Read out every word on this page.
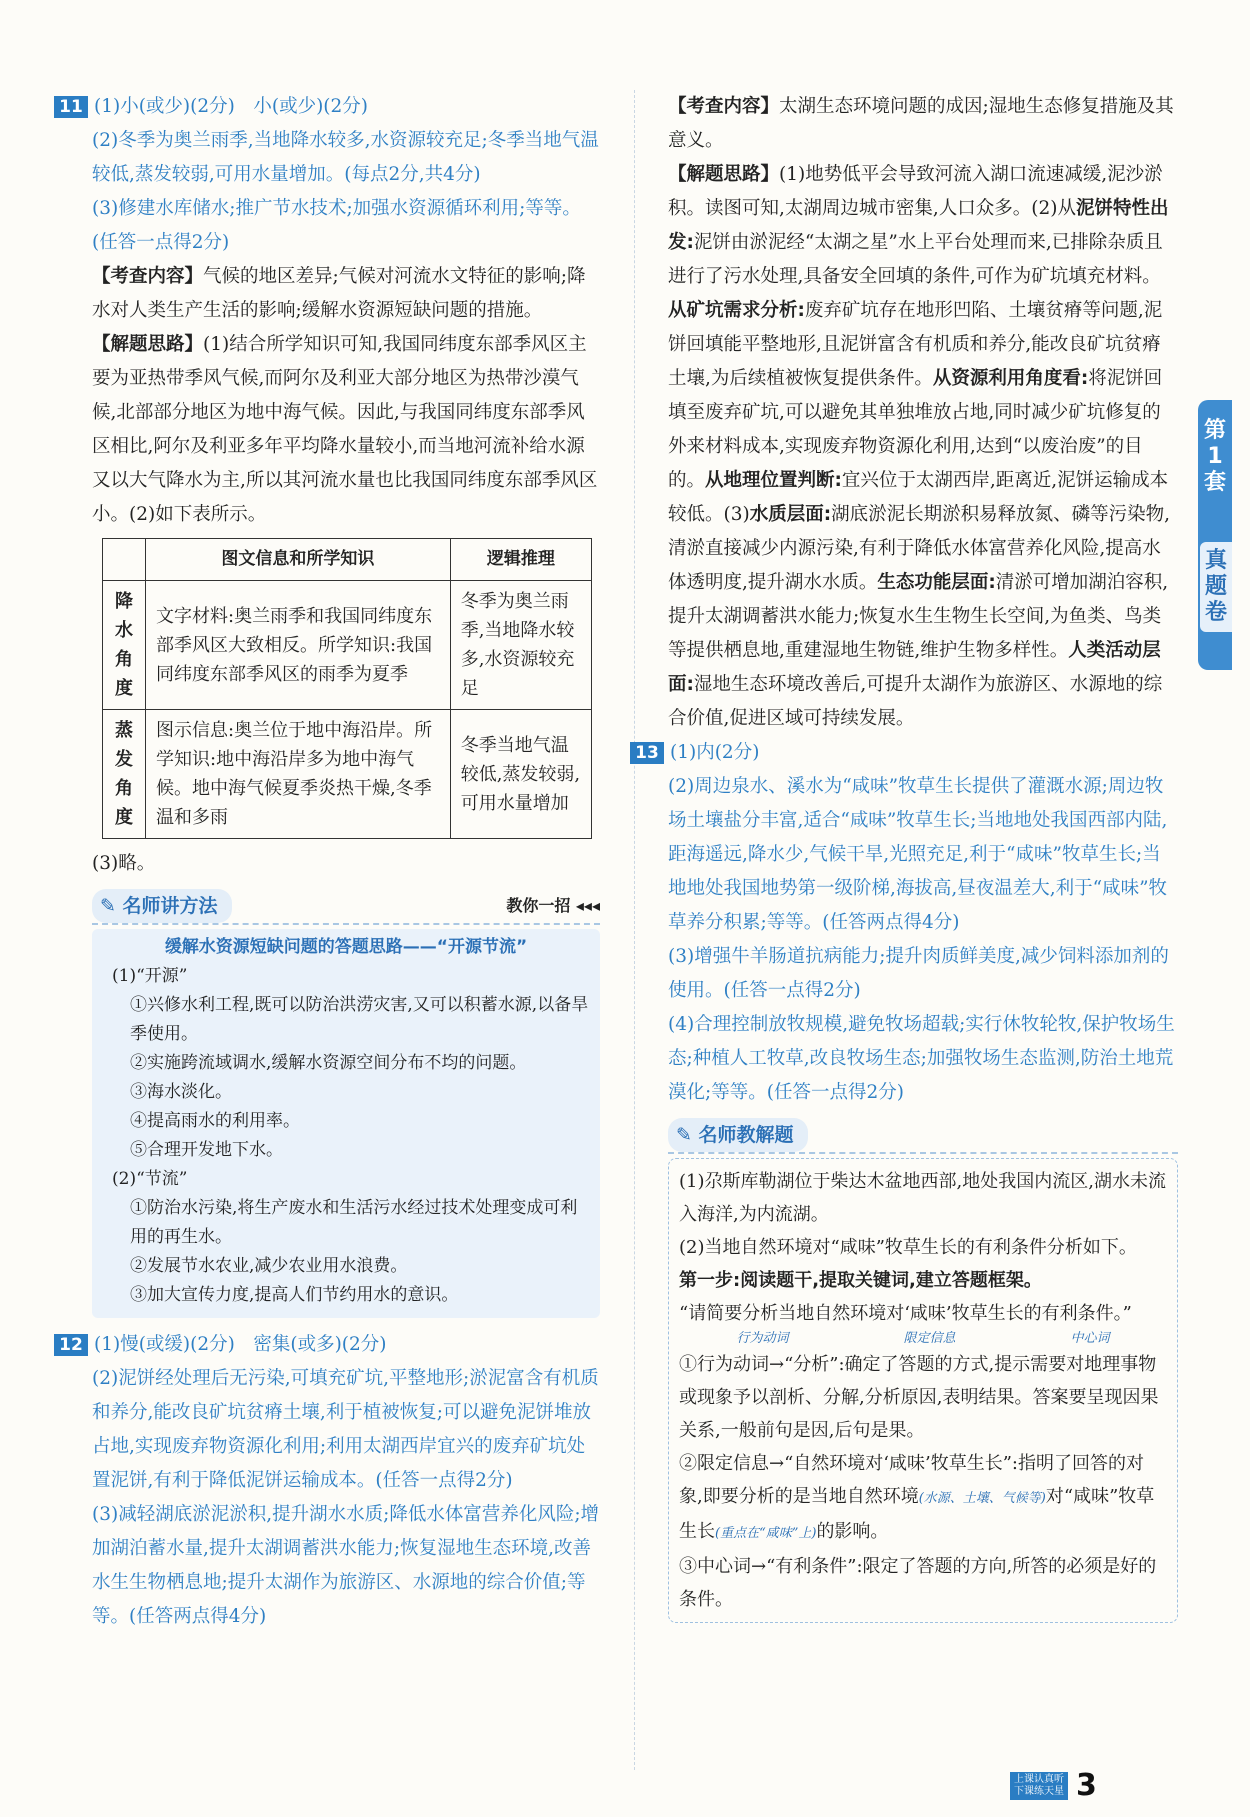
11 (1)小(或少)(2分)　小(或少)(2分)

(2)冬季为奥兰雨季,当地降水较多,水资源较充足;冬季当地气温较低,蒸发较弱,可用水量增加。(每点2分,共4分)

(3)修建水库储水;推广节水技术;加强水资源循环利用;等等。(任答一点得2分)

【考查内容】气候的地区差异;气候对河流水文特征的影响;降水对人类生产生活的影响;缓解水资源短缺问题的措施。

【解题思路】(1)结合所学知识可知,我国同纬度东部季风区主要为亚热带季风气候,而阿尔及利亚大部分地区为热带沙漠气候,北部部分地区为地中海气候。因此,与我国同纬度东部季风区相比,阿尔及利亚多年平均降水量较小,而当地河流补给水源又以大气降水为主,所以其河流水量也比我国同纬度东部季风区小。(2)如下表所示。

	图文信息和所学知识	逻辑推理
降水角度	文字材料:奥兰雨季和我国同纬度东部季风区大致相反。所学知识:我国同纬度东部季风区的雨季为夏季	冬季为奥兰雨季,当地降水较多,水资源较充足
蒸发角度	图示信息:奥兰位于地中海沿岸。所学知识:地中海沿岸多为地中海气候。地中海气候夏季炎热干燥,冬季温和多雨	冬季当地气温较低,蒸发较弱,可用水量增加

(3)略。

✎ 名师讲方法	教你一招 ◂◂◂
缓解水资源短缺问题的答题思路——“开源节流”
(1)“开源”
①兴修水利工程,既可以防治洪涝灾害,又可以积蓄水源,以备旱季使用。
②实施跨流域调水,缓解水资源空间分布不均的问题。
③海水淡化。
④提高雨水的利用率。
⑤合理开发地下水。
(2)“节流”
①防治水污染,将生产废水和生活污水经过技术处理变成可利用的再生水。
②发展节水农业,减少农业用水浪费。
③加大宣传力度,提高人们节约用水的意识。

12 (1)慢(或缓)(2分)　密集(或多)(2分)

(2)泥饼经处理后无污染,可填充矿坑,平整地形;淤泥富含有机质和养分,能改良矿坑贫瘠土壤,利于植被恢复;可以避免泥饼堆放占地,实现废弃物资源化利用;利用太湖西岸宜兴的废弃矿坑处置泥饼,有利于降低泥饼运输成本。(任答一点得2分)

(3)减轻湖底淤泥淤积,提升湖水水质;降低水体富营养化风险;增加湖泊蓄水量,提升太湖调蓄洪水能力;恢复湿地生态环境,改善水生生物栖息地;提升太湖作为旅游区、水源地的综合价值;等等。(任答两点得4分)

【考查内容】太湖生态环境问题的成因;湿地生态修复措施及其意义。

【解题思路】(1)地势低平会导致河流入湖口流速减缓,泥沙淤积。读图可知,太湖周边城市密集,人口众多。(2)从泥饼特性出发:泥饼由淤泥经“太湖之星”水上平台处理而来,已排除杂质且进行了污水处理,具备安全回填的条件,可作为矿坑填充材料。从矿坑需求分析:废弃矿坑存在地形凹陷、土壤贫瘠等问题,泥饼回填能平整地形,且泥饼富含有机质和养分,能改良矿坑贫瘠土壤,为后续植被恢复提供条件。从资源利用角度看:将泥饼回填至废弃矿坑,可以避免其单独堆放占地,同时减少矿坑修复的外来材料成本,实现废弃物资源化利用,达到“以废治废”的目的。从地理位置判断:宜兴位于太湖西岸,距离近,泥饼运输成本较低。(3)水质层面:湖底淤泥长期淤积易释放氮、磷等污染物,清淤直接减少内源污染,有利于降低水体富营养化风险,提高水体透明度,提升湖水水质。生态功能层面:清淤可增加湖泊容积,提升太湖调蓄洪水能力;恢复水生生物生长空间,为鱼类、鸟类等提供栖息地,重建湿地生物链,维护生物多样性。人类活动层面:湿地生态环境改善后,可提升太湖作为旅游区、水源地的综合价值,促进区域可持续发展。

13 (1)内(2分)

(2)周边泉水、溪水为“咸味”牧草生长提供了灌溉水源;周边牧场土壤盐分丰富,适合“咸味”牧草生长;当地地处我国西部内陆,距海遥远,降水少,气候干旱,光照充足,利于“咸味”牧草生长;当地地处我国地势第一级阶梯,海拔高,昼夜温差大,利于“咸味”牧草养分积累;等等。(任答两点得4分)

(3)增强牛羊肠道抗病能力;提升肉质鲜美度,减少饲料添加剂的使用。(任答一点得2分)

(4)合理控制放牧规模,避免牧场超载;实行休牧轮牧,保护牧场生态;种植人工牧草,改良牧场生态;加强牧场生态监测,防治土地荒漠化;等等。(任答一点得2分)

✎ 名师教解题

(1)尕斯库勒湖位于柴达木盆地西部,地处我国内流区,湖水未流入海洋,为内流湖。

(2)当地自然环境对“咸味”牧草生长的有利条件分析如下。

第一步:阅读题干,提取关键词,建立答题框架。

“请简要分析当地自然环境对‘咸味’牧草生长的有利条件。”

行为动词	限定信息	中心词

①行为动词→“分析”:确定了答题的方式,提示需要对地理事物或现象予以剖析、分解,分析原因,表明结果。答案要呈现因果关系,一般前句是因,后句是果。

②限定信息→“自然环境对‘咸味’牧草生长”:指明了回答的对象,即要分析的是当地自然环境(水源、土壤、气候等)对“咸味”牧草生长(重点在“咸味”上)的影响。

③中心词→“有利条件”:限定了答题的方向,所答的必须是好的条件。

第1套
真题卷
上课认真听
下课练天星 3
